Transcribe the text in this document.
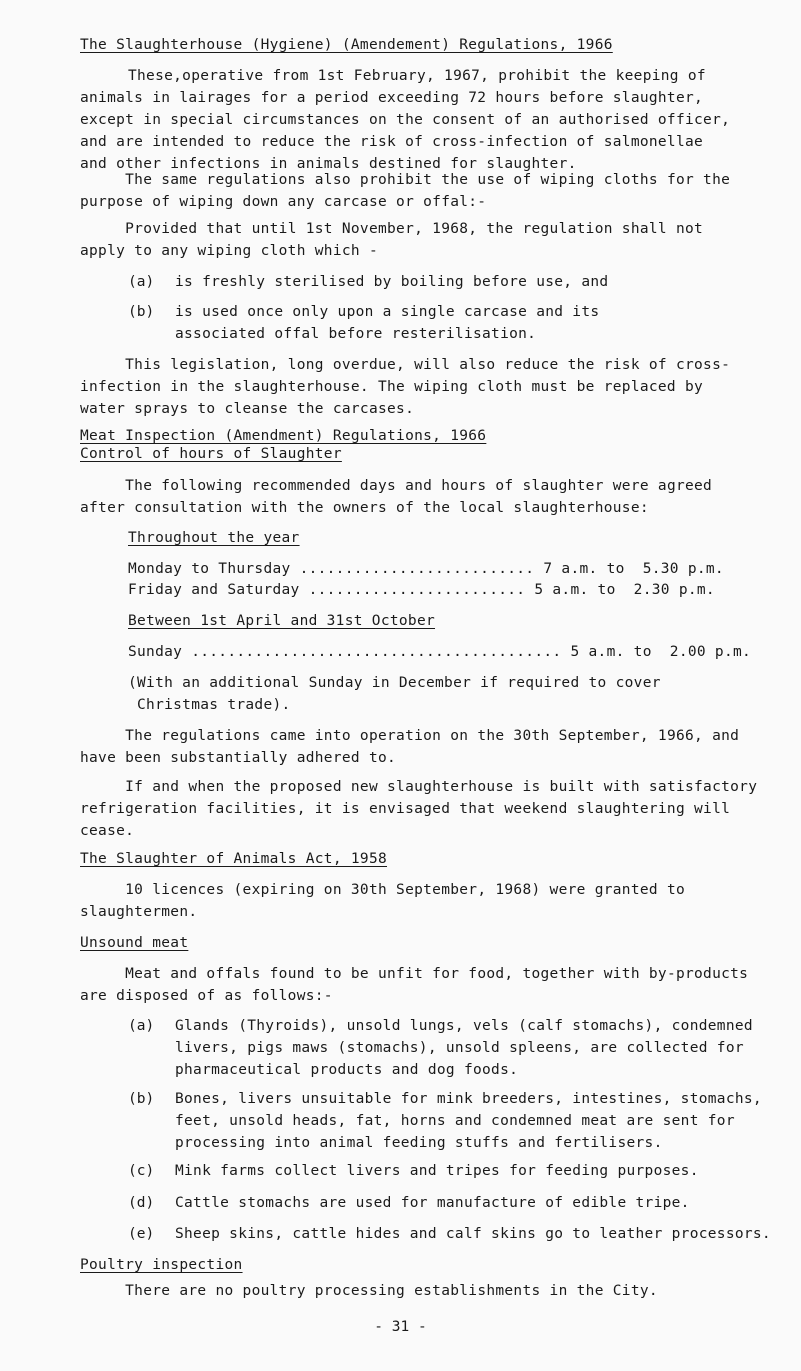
The Slaughterhouse (Hygiene) (Amendement) Regulations, 1966
These,operative from 1st February, 1967, prohibit the keeping of
animals in lairages for a period exceeding 72 hours before slaughter,
except in special circumstances on the consent of an authorised officer,
and are intended to reduce the risk of cross-infection of salmonellae
and other infections in animals destined for slaughter.
The same regulations also prohibit the use of wiping cloths for the
purpose of wiping down any carcase or offal:-
Provided that until 1st November, 1968, the regulation shall not
apply to any wiping cloth which -
(a)	is freshly sterilised by boiling before use, and
(b)	is used once only upon a single carcase and its
associated offal before resterilisation.
This legislation, long overdue, will also reduce the risk of cross-
infection in the slaughterhouse. The wiping cloth must be replaced by
water sprays to cleanse the carcases.
Meat Inspection (Amendment) Regulations, 1966
Control of hours of Slaughter
The following recommended days and hours of slaughter were agreed
after consultation with the owners of the local slaughterhouse:
Throughout the year
Monday to Thursday .......................... 7 a.m. to  5.30 p.m.
Friday and Saturday ........................ 5 a.m. to  2.30 p.m.
Between 1st April and 31st October
Sunday ......................................... 5 a.m. to  2.00 p.m.
(With an additional Sunday in December if required to cover
Christmas trade).
The regulations came into operation on the 30th September, 1966, and
have been substantially adhered to.
If and when the proposed new slaughterhouse is built with satisfactory
refrigeration facilities, it is envisaged that weekend slaughtering will
cease.
The Slaughter of Animals Act, 1958
10 licences (expiring on 30th September, 1968) were granted to
slaughtermen.
Unsound meat
Meat and offals found to be unfit for food, together with by-products
are disposed of as follows:-
(a)	Glands (Thyroids), unsold lungs, vels (calf stomachs), condemned
livers, pigs maws (stomachs), unsold spleens, are collected for
pharmaceutical products and dog foods.
(b)	Bones, livers unsuitable for mink breeders, intestines, stomachs,
feet, unsold heads, fat, horns and condemned meat are sent for
processing into animal feeding stuffs and fertilisers.
(c)	Mink farms collect livers and tripes for feeding purposes.
(d)	Cattle stomachs are used for manufacture of edible tripe.
(e)	Sheep skins, cattle hides and calf skins go to leather processors.
Poultry inspection
There are no poultry processing establishments in the City.
- 31 -
